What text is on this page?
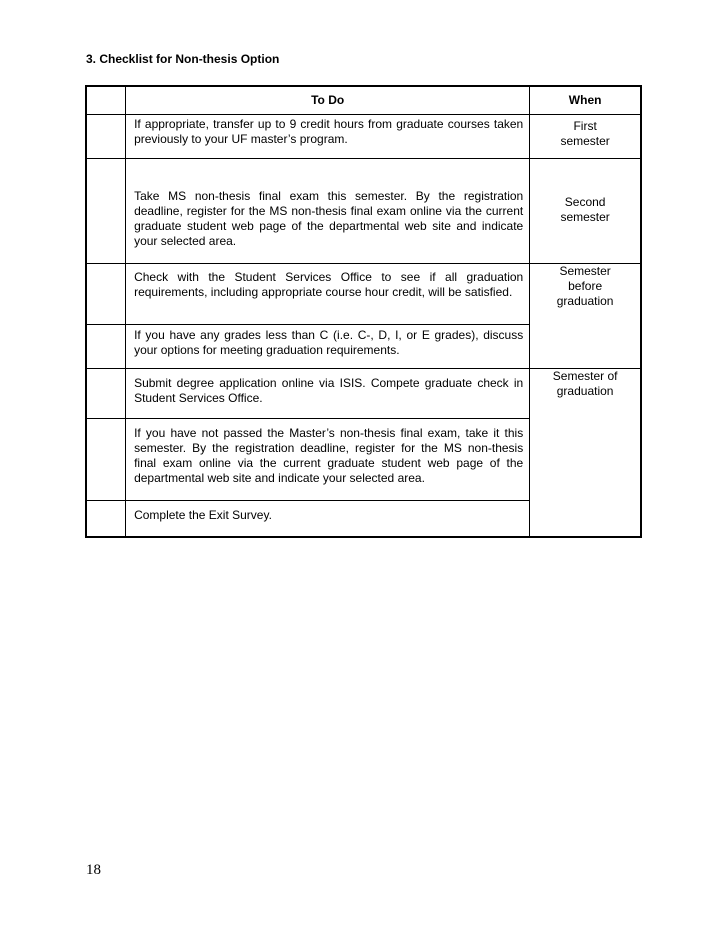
3. Checklist for Non-thesis Option
	To Do	When
	If appropriate, transfer up to 9 credit hours from graduate courses taken previously to your UF master’s program.	First
semester

	Take MS non-thesis final exam this semester. By the registration deadline, register for the MS non-thesis final exam online via the current graduate student web page of the departmental web site and indicate your selected area.	Second
semester

	Check with the Student Services Office to see if all graduation requirements, including appropriate course hour credit, will be satisfied.	Semester
before
graduation

	If you have any grades less than C (i.e. C-, D, I, or E grades), discuss your options for meeting graduation requirements.	
	Submit degree application online via ISIS. Compete graduate check in Student Services Office.	Semester of
graduation

	If you have not passed the Master’s non-thesis final exam, take it this semester. By the registration deadline, register for the MS non-thesis final exam online via the current graduate student web page of the departmental web site and indicate your selected area.	
	Complete the Exit Survey.	
18
